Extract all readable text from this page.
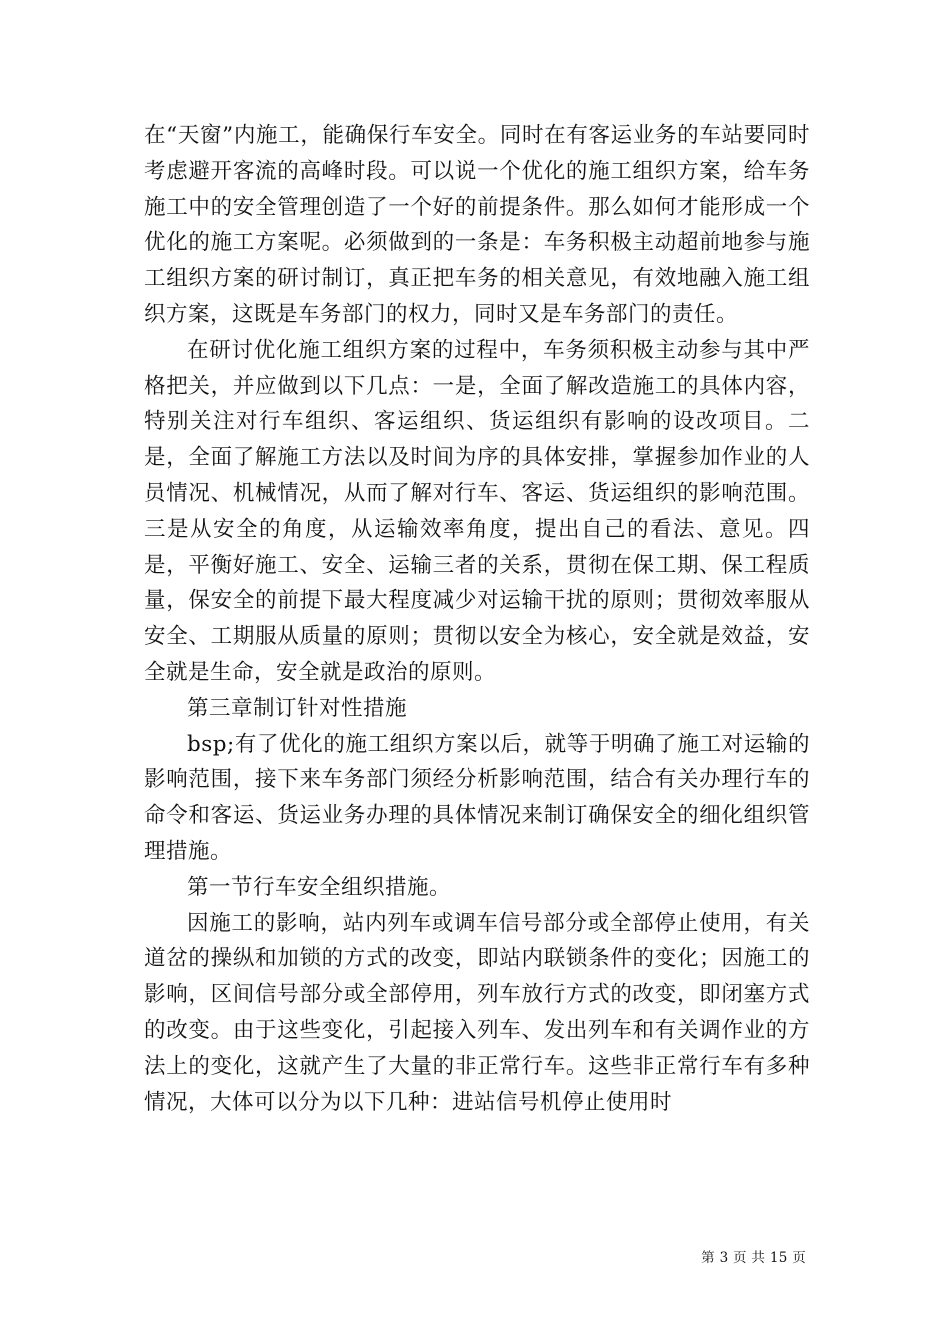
在“天窗”内施工，能确保行车安全。同时在有客运业务的车站要同时考虑避开客流的高峰时段。可以说一个优化的施工组织方案，给车务施工中的安全管理创造了一个好的前提条件。那么如何才能形成一个优化的施工方案呢。必须做到的一条是：车务积极主动超前地参与施工组织方案的研讨制订，真正把车务的相关意见，有效地融入施工组织方案，这既是车务部门的权力，同时又是车务部门的责任。

在研讨优化施工组织方案的过程中，车务须积极主动参与其中严格把关，并应做到以下几点：一是，全面了解改造施工的具体内容，特别关注对行车组织、客运组织、货运组织有影响的设改项目。二是，全面了解施工方法以及时间为序的具体安排，掌握参加作业的人员情况、机械情况，从而了解对行车、客运、货运组织的影响范围。三是从安全的角度，从运输效率角度，提出自己的看法、意见。四是，平衡好施工、安全、运输三者的关系，贯彻在保工期、保工程质量，保安全的前提下最大程度减少对运输干扰的原则；贯彻效率服从安全、工期服从质量的原则；贯彻以安全为核心，安全就是效益，安全就是生命，安全就是政治的原则。

第三章制订针对性措施

bsp;有了优化的施工组织方案以后，就等于明确了施工对运输的影响范围，接下来车务部门须经分析影响范围，结合有关办理行车的命令和客运、货运业务办理的具体情况来制订确保安全的细化组织管理措施。

第一节行车安全组织措施。

因施工的影响，站内列车或调车信号部分或全部停止使用，有关道岔的操纵和加锁的方式的改变，即站内联锁条件的变化；因施工的影响，区间信号部分或全部停用，列车放行方式的改变，即闭塞方式的改变。由于这些变化，引起接入列车、发出列车和有关调作业的方法上的变化，这就产生了大量的非正常行车。这些非正常行车有多种情况，大体可以分为以下几种：进站信号机停止使用时

第 3 页 共 15 页
